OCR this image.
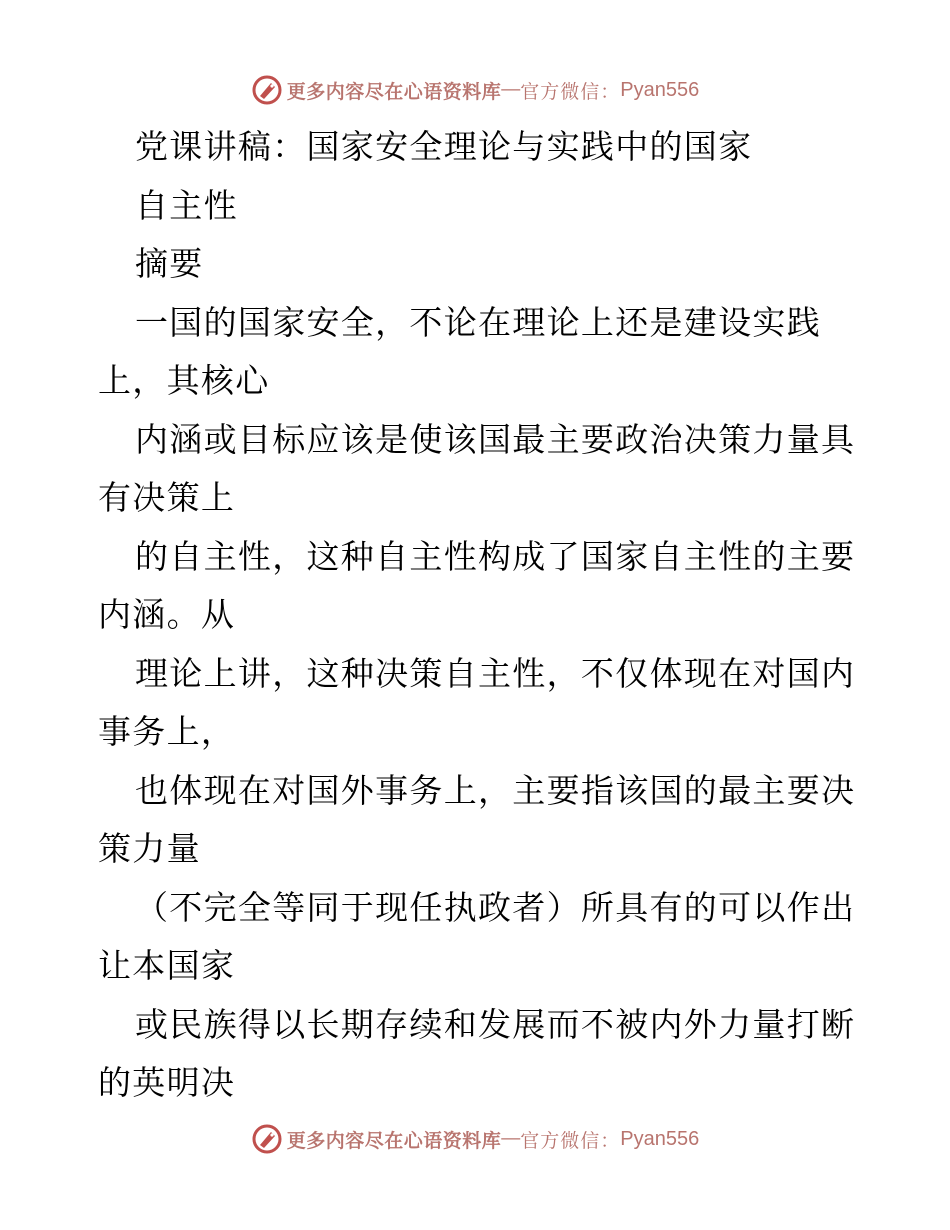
更多内容尽在心语资料库 — 官方微信： Pyan556
党课讲稿：国家安全理论与实践中的国家
自主性
摘要
一国的国家安全，不论在理论上还是建设实践
上，其核心
内涵或目标应该是使该国最主要政治决策力量具
有决策上
的自主性，这种自主性构成了国家自主性的主要
内涵。从
理论上讲，这种决策自主性，不仅体现在对国内
事务上，
也体现在对国外事务上，主要指该国的最主要决
策力量
（不完全等同于现任执政者）所具有的可以作出
让本国家
或民族得以长期存续和发展而不被内外力量打断
的英明决
更多内容尽在心语资料库 — 官方微信： Pyan556
